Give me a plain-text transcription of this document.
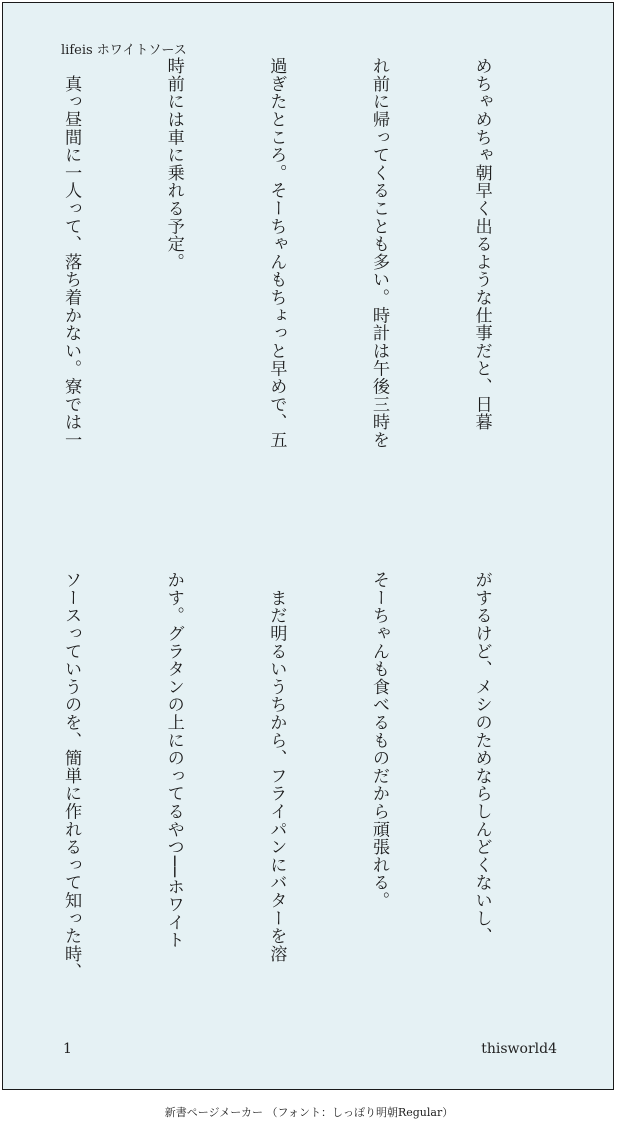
lifeis ホワイトソース

めちゃめちゃ朝早く出るような仕事だと、日暮

れ前に帰ってくることも多い。時計は午後三時を

過ぎたところ。そーちゃんもちょっと早めで、五

時前には車に乗れる予定。

　真っ昼間に一人って、落ち着かない。寮では一

がするけど、メシのためならしんどくないし、

そーちゃんも食べるものだから頑張れる。

　まだ明るいうちから、フライパンにバターを溶

かす。グラタンの上にのってるやつ──ホワイト

ソースっていうのを、簡単に作れるって知った時、

1	thisworld4
新書ページメーカー （フォント：しっぽり明朝Regular）
